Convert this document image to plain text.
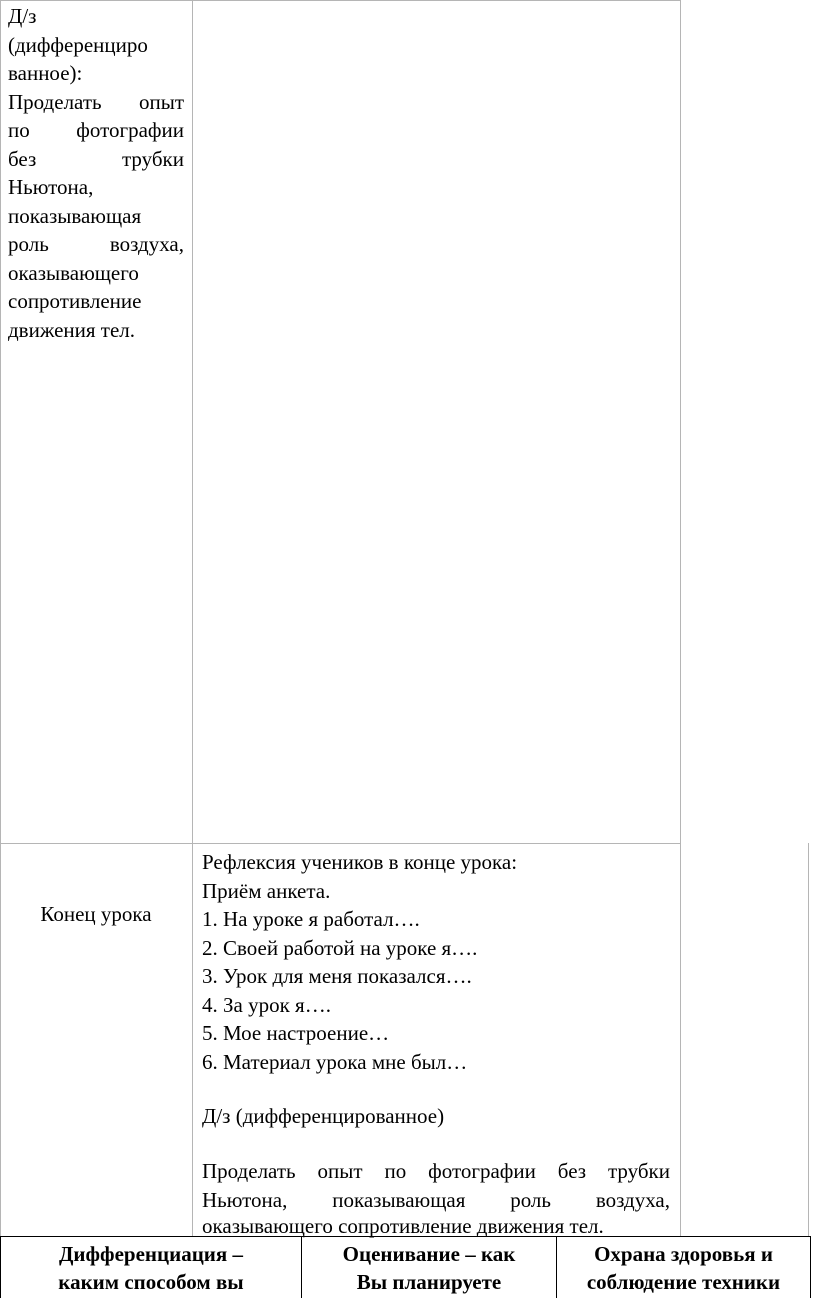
Д/з
(дифференциро
ванное):
Проделать опыт
по фотографии
без трубки
Ньютона,
показывающая
роль воздуха,
оказывающего
сопротивление
движения тел.
Конец урока
Рефлексия учеников в конце урока:
Приём анкета.
1. На уроке я работал….
2. Своей работой на уроке я….
3. Урок для меня показался….
4. За урок я….
5. Мое настроение…
6. Материал урока мне был…
Д/з (дифференцированное)
Проделать опыт по фотографии без трубки
Ньютона, показывающая роль воздуха,
оказывающего сопротивление движения тел.
Дифференциация –
каким способом вы
Оценивание – как
Вы планируете
Охрана здоровья и
соблюдение техники
